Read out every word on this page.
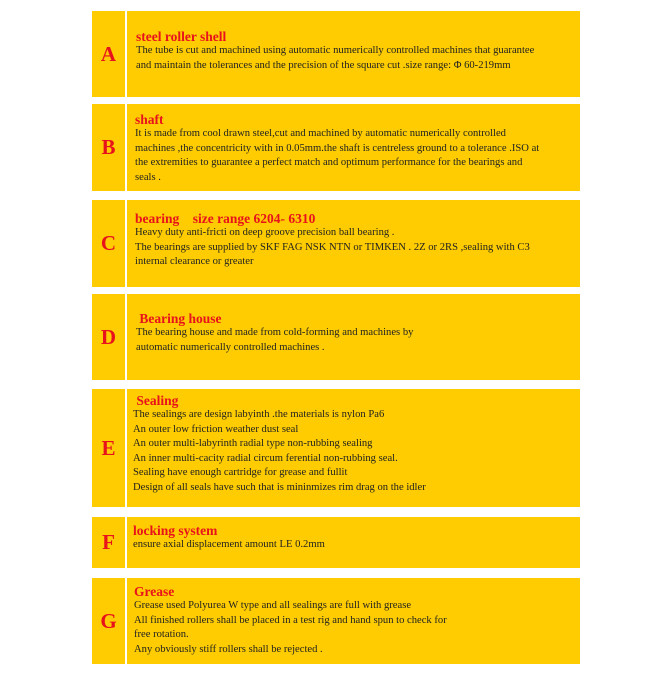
A
steel roller shell
The tube is cut and machined using automatic numerically controlled machines that guarantee
and maintain the tolerances and the precision of the square cut .size range: Φ 60-219mm
B
shaft
It is made from cool drawn steel,cut and machined by automatic numerically controlled
machines ,the concentricity with in 0.05mm.the shaft is centreless ground to a tolerance .ISO at
the extremities to guarantee a perfect match and optimum performance for the bearings and
seals .
C
bearing    size range 6204- 6310
Heavy duty anti-fricti on deep groove precision ball bearing .
The bearings are supplied by SKF FAG NSK NTN or TIMKEN . 2Z or 2RS ,sealing with C3
internal clearance or greater
D
Bearing house
The bearing house and made from cold-forming and machines by
automatic numerically controlled machines .
E
Sealing
The sealings are design labyinth .the materials is nylon Pa6
An outer low friction weather dust seal
An outer multi-labyrinth radial type non-rubbing sealing
An inner multi-cacity radial circum ferential non-rubbing seal.
Sealing have enough cartridge for grease and fullit
Design of all seals have such that is mininmizes rim drag on the idler
F locking system
ensure axial displacement amount LE 0.2mm
G
Grease
Grease used Polyurea W type and all sealings are full with grease
All finished rollers shall be placed in a test rig and hand spun to check for
free rotation.
Any obviously stiff rollers shall be rejected .
